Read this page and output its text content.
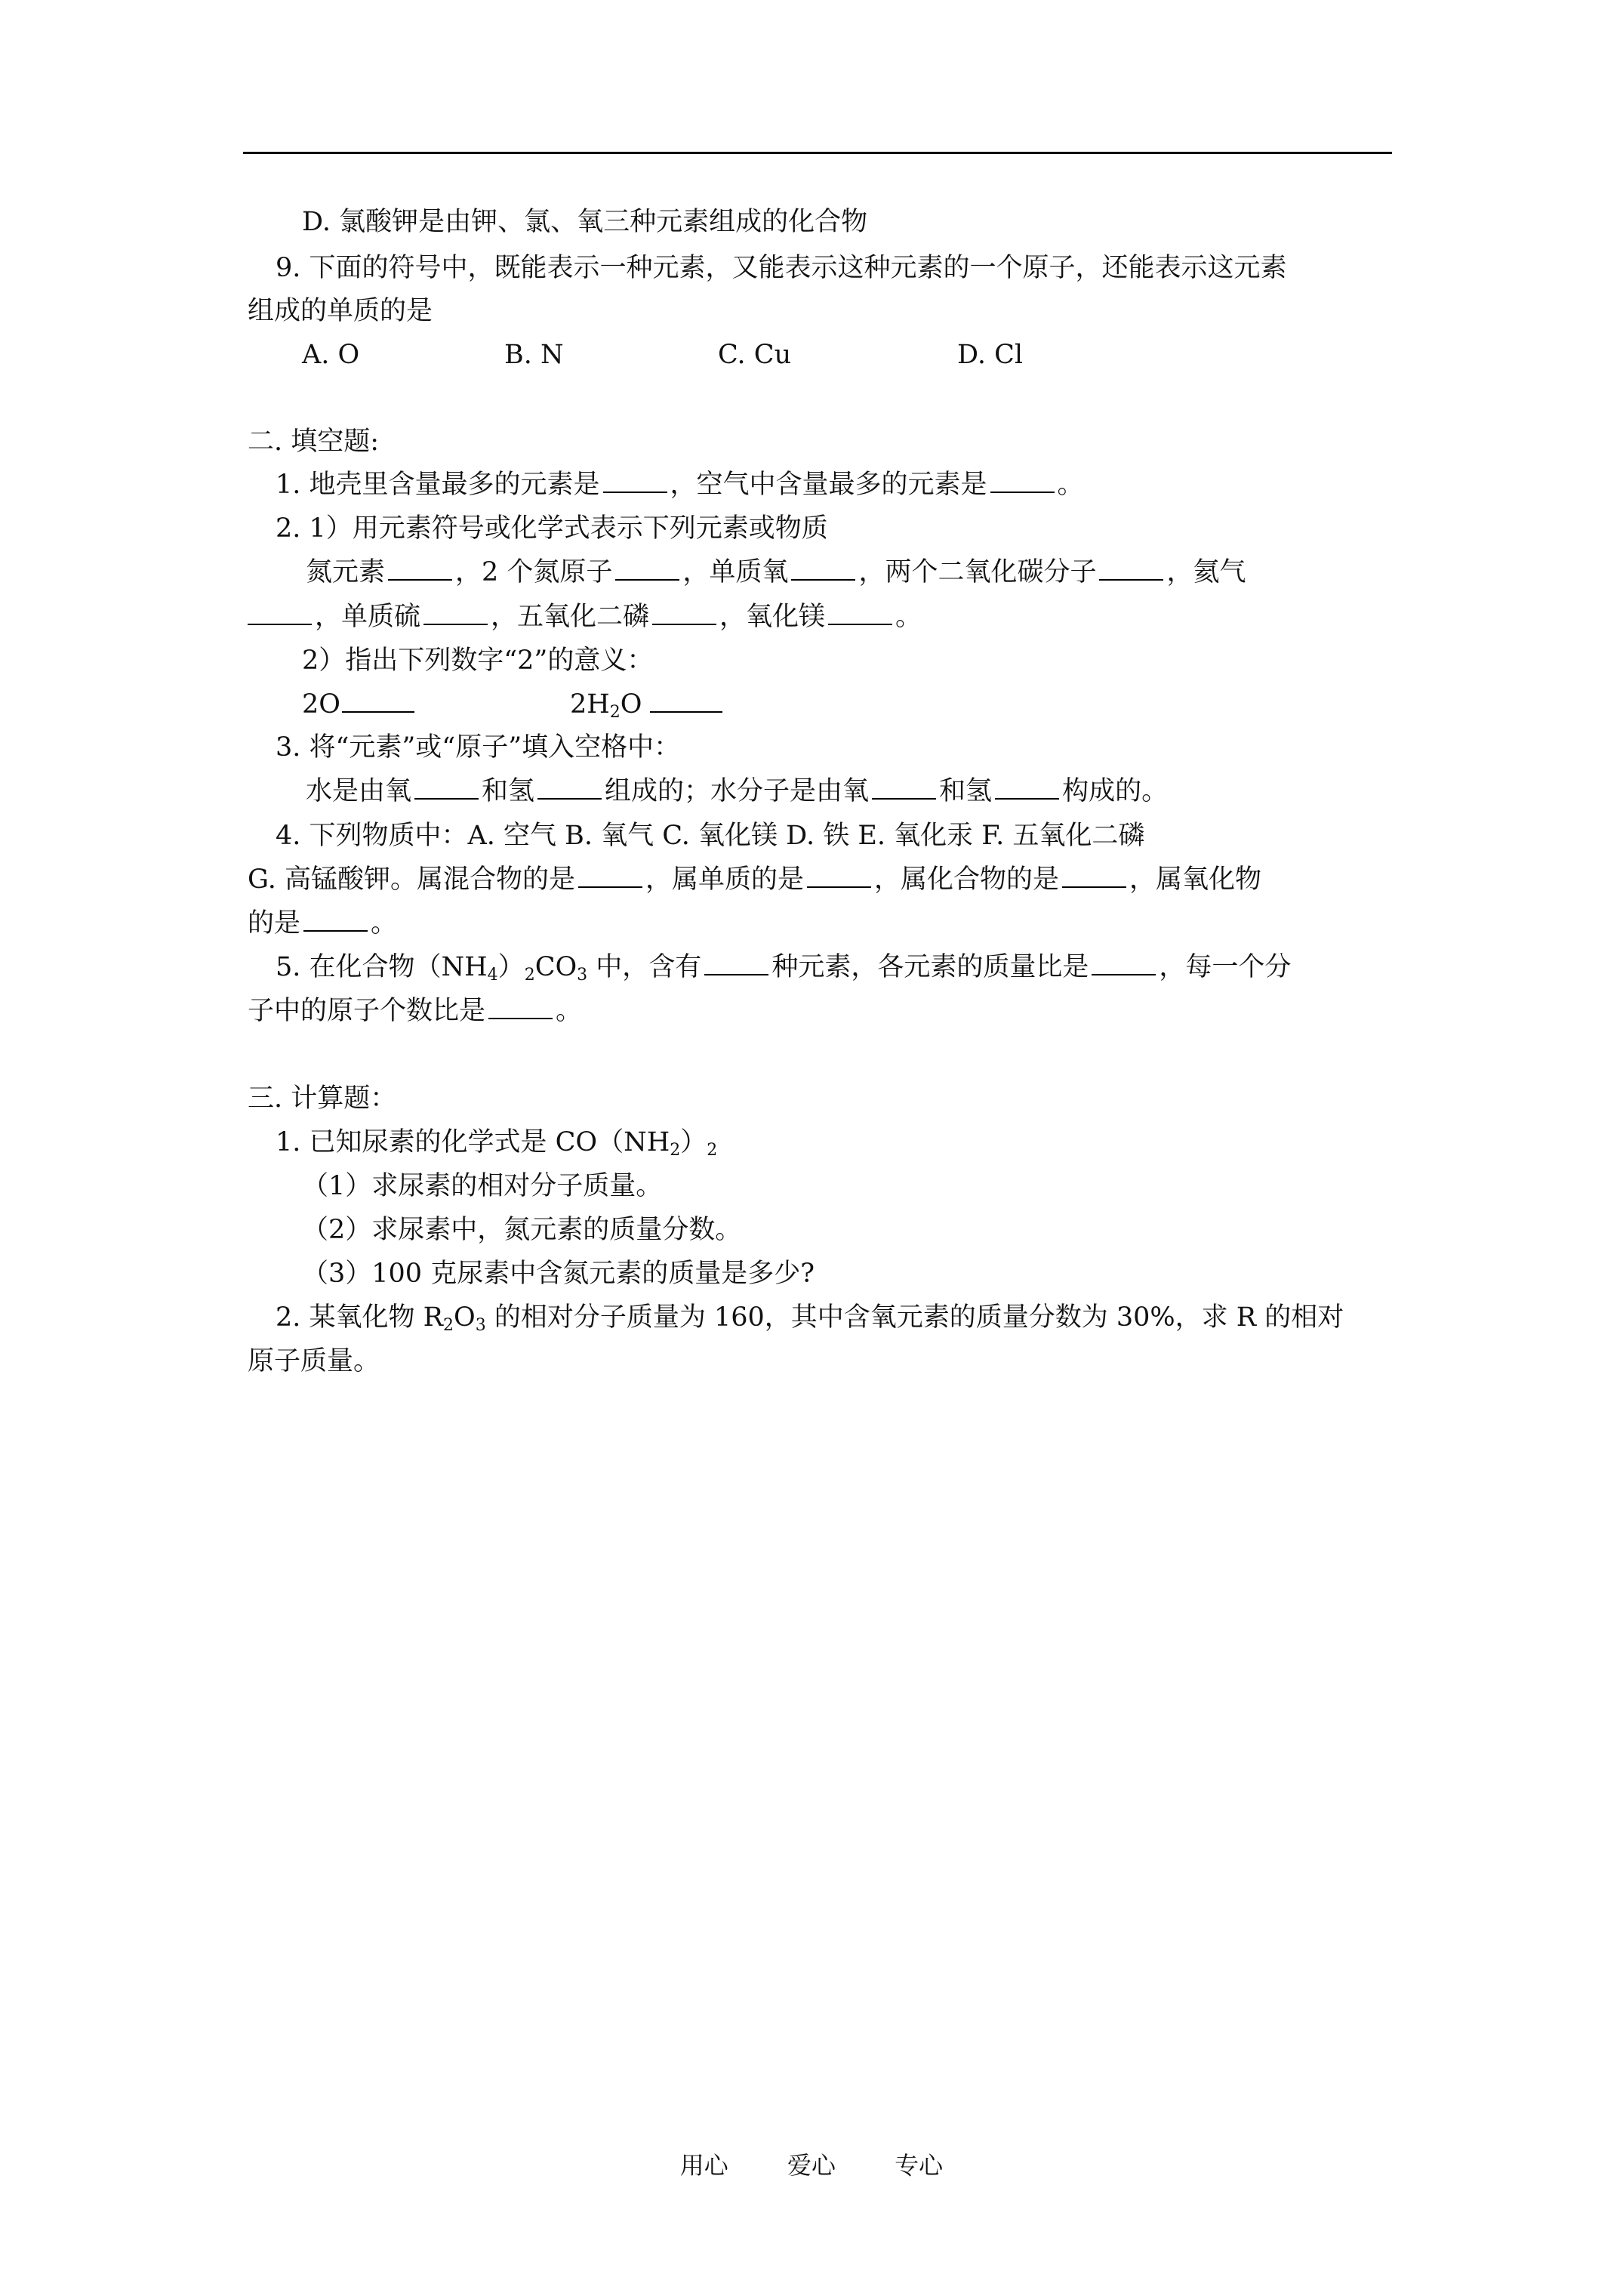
D. 氯酸钾是由钾、氯、氧三种元素组成的化合物
9. 下面的符号中，既能表示一种元素，又能表示这种元素的一个原子，还能表示这元素
组成的单质的是
A. O	B. N	C. Cu	D. Cl
二. 填空题:
1. 地壳里含量最多的元素是	，空气中含量最多的元素是	。
2. 1）用元素符号或化学式表示下列元素或物质
氮元素	，2 个氮原子	，单质氧	，两个二氧化碳分子	，氦气
，单质硫	，五氧化二磷	，氧化镁	。
2）指出下列数字“2”的意义：
2O	$2H_2O$
3. 将“元素”或“原子”填入空格中：
水是由氧	和氢	组成的；水分子是由氧	和氢	构成的。
4. 下列物质中：A. 空气 B. 氧气 C. 氧化镁 D. 铁 E. 氧化汞 F. 五氧化二磷
G. 高锰酸钾。属混合物的是	，属单质的是	，属化合物的是	，属氧化物
的是	。
5. 在化合物$(NH_4)_2CO_3$ 中，含有	种元素，各元素的质量比是	，每一个分
子中的原子个数比是	。
三. 计算题：
1. 已知尿素的化学式是 $CO(NH_2)_2$
（1）求尿素的相对分子质量。
（2）求尿素中，氮元素的质量分数。
（3）100 克尿素中含氮元素的质量是多少?
2. 某氧化物 $R_2O_3$ 的相对分子质量为 160，其中含氧元素的质量分数为 30%，求 R 的相对
原子质量。
用心 爱心 专心
